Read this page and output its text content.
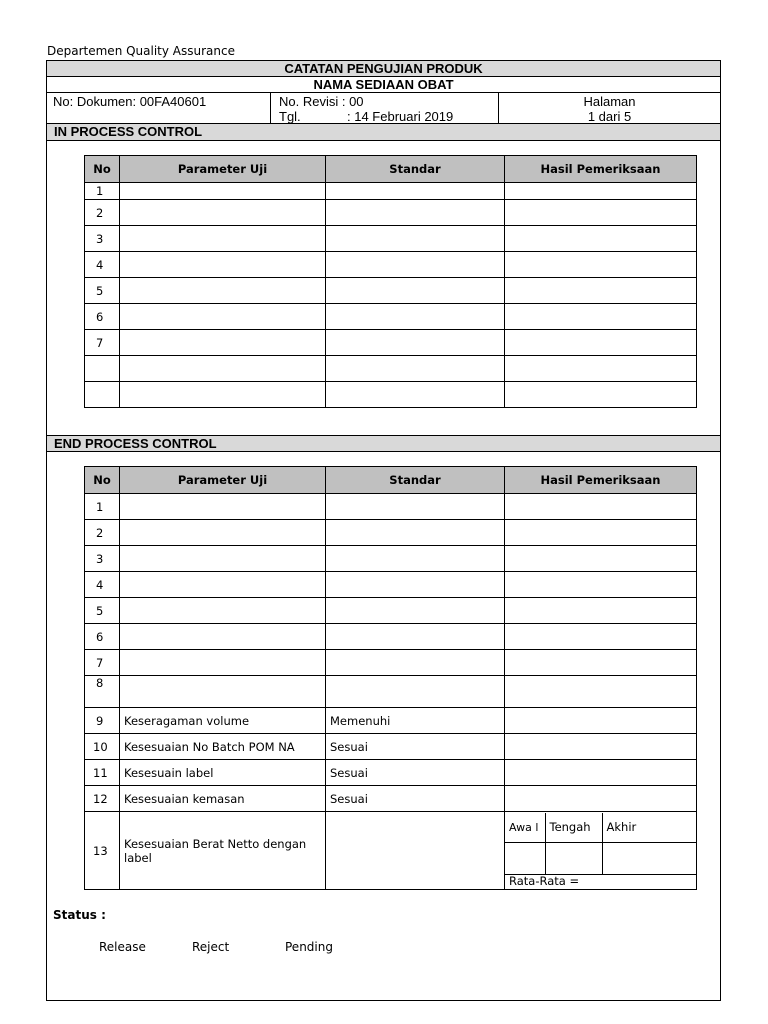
Departemen Quality Assurance
CATATAN PENGUJIAN PRODUK
NAMA SEDIAAN OBAT
No: Dokumen: 00FA40601	No. Revisi : 00
Tgl.	: 14 Februari 2019
Halaman
1 dari 5
IN PROCESS CONTROL
END PROCESS CONTROL
No	Parameter Uji	Standar	Hasil Pemeriksaan
1			
2			
3			
4			
5			
6			
7			

No	Parameter Uji	Standar	Hasil Pemeriksaan
1			
2			
3			
4			
5			
6			
7			
8			
9	Keseragaman volume	Memenuhi	
10	Kesesuaian No Batch POM NA	Sesuai	
11	Kesesuain label	Sesuai	
12	Kesesuaian kemasan	Sesuai	
13	Kesesuaian Berat Netto dengan label		
Awa l	Tengah	Akhir

Rata-Rata =
Status :
Release	Reject	Pending
